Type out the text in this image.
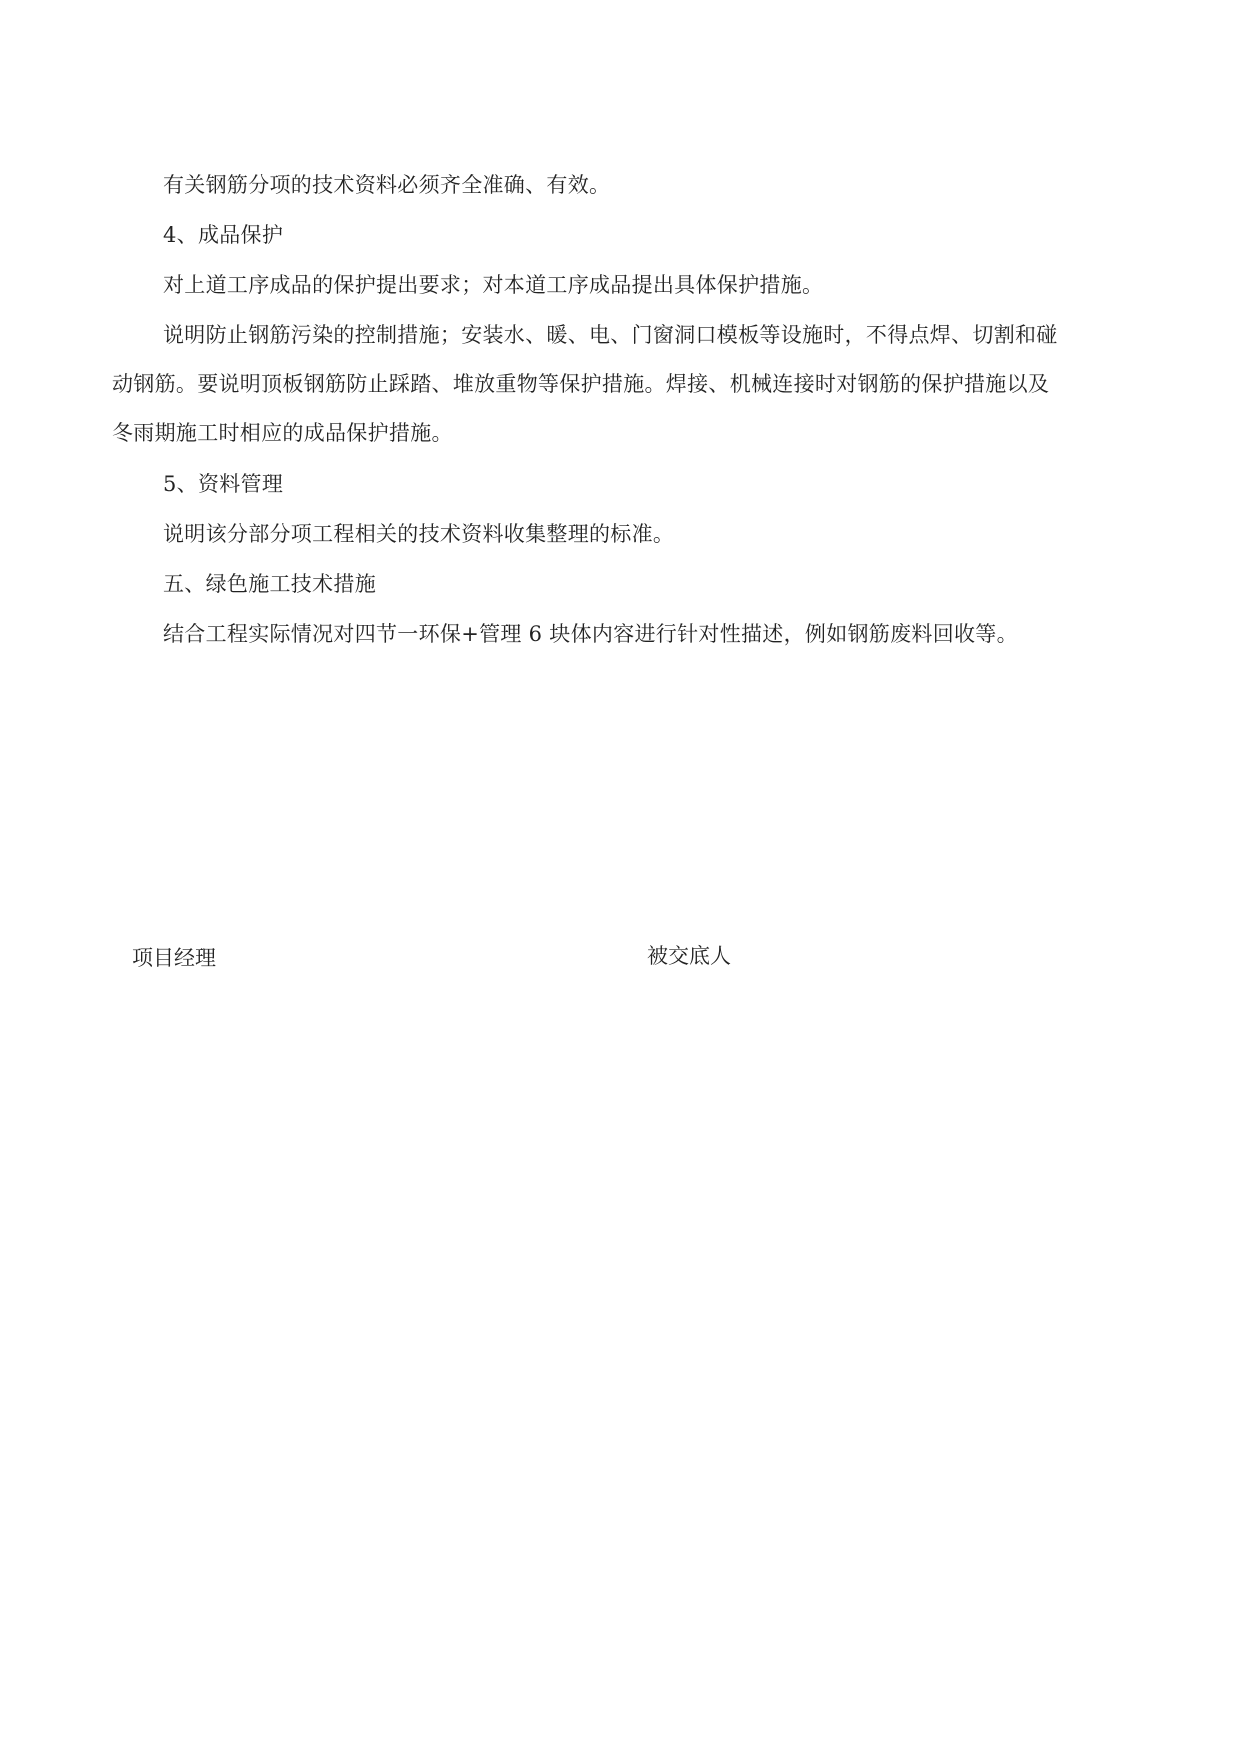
有关钢筋分项的技术资料必须齐全准确、有效。
4、成品保护
对上道工序成品的保护提出要求；对本道工序成品提出具体保护措施。
说明防止钢筋污染的控制措施；安装水、暖、电、门窗洞口模板等设施时，不得点焊、切割和碰
动钢筋。要说明顶板钢筋防止踩踏、堆放重物等保护措施。焊接、机械连接时对钢筋的保护措施以及
冬雨期施工时相应的成品保护措施。
5、资料管理
说明该分部分项工程相关的技术资料收集整理的标准。
五、绿色施工技术措施
结合工程实际情况对四节一环保+管理 6 块体内容进行针对性描述，例如钢筋废料回收等。
项目经理	被交底人
